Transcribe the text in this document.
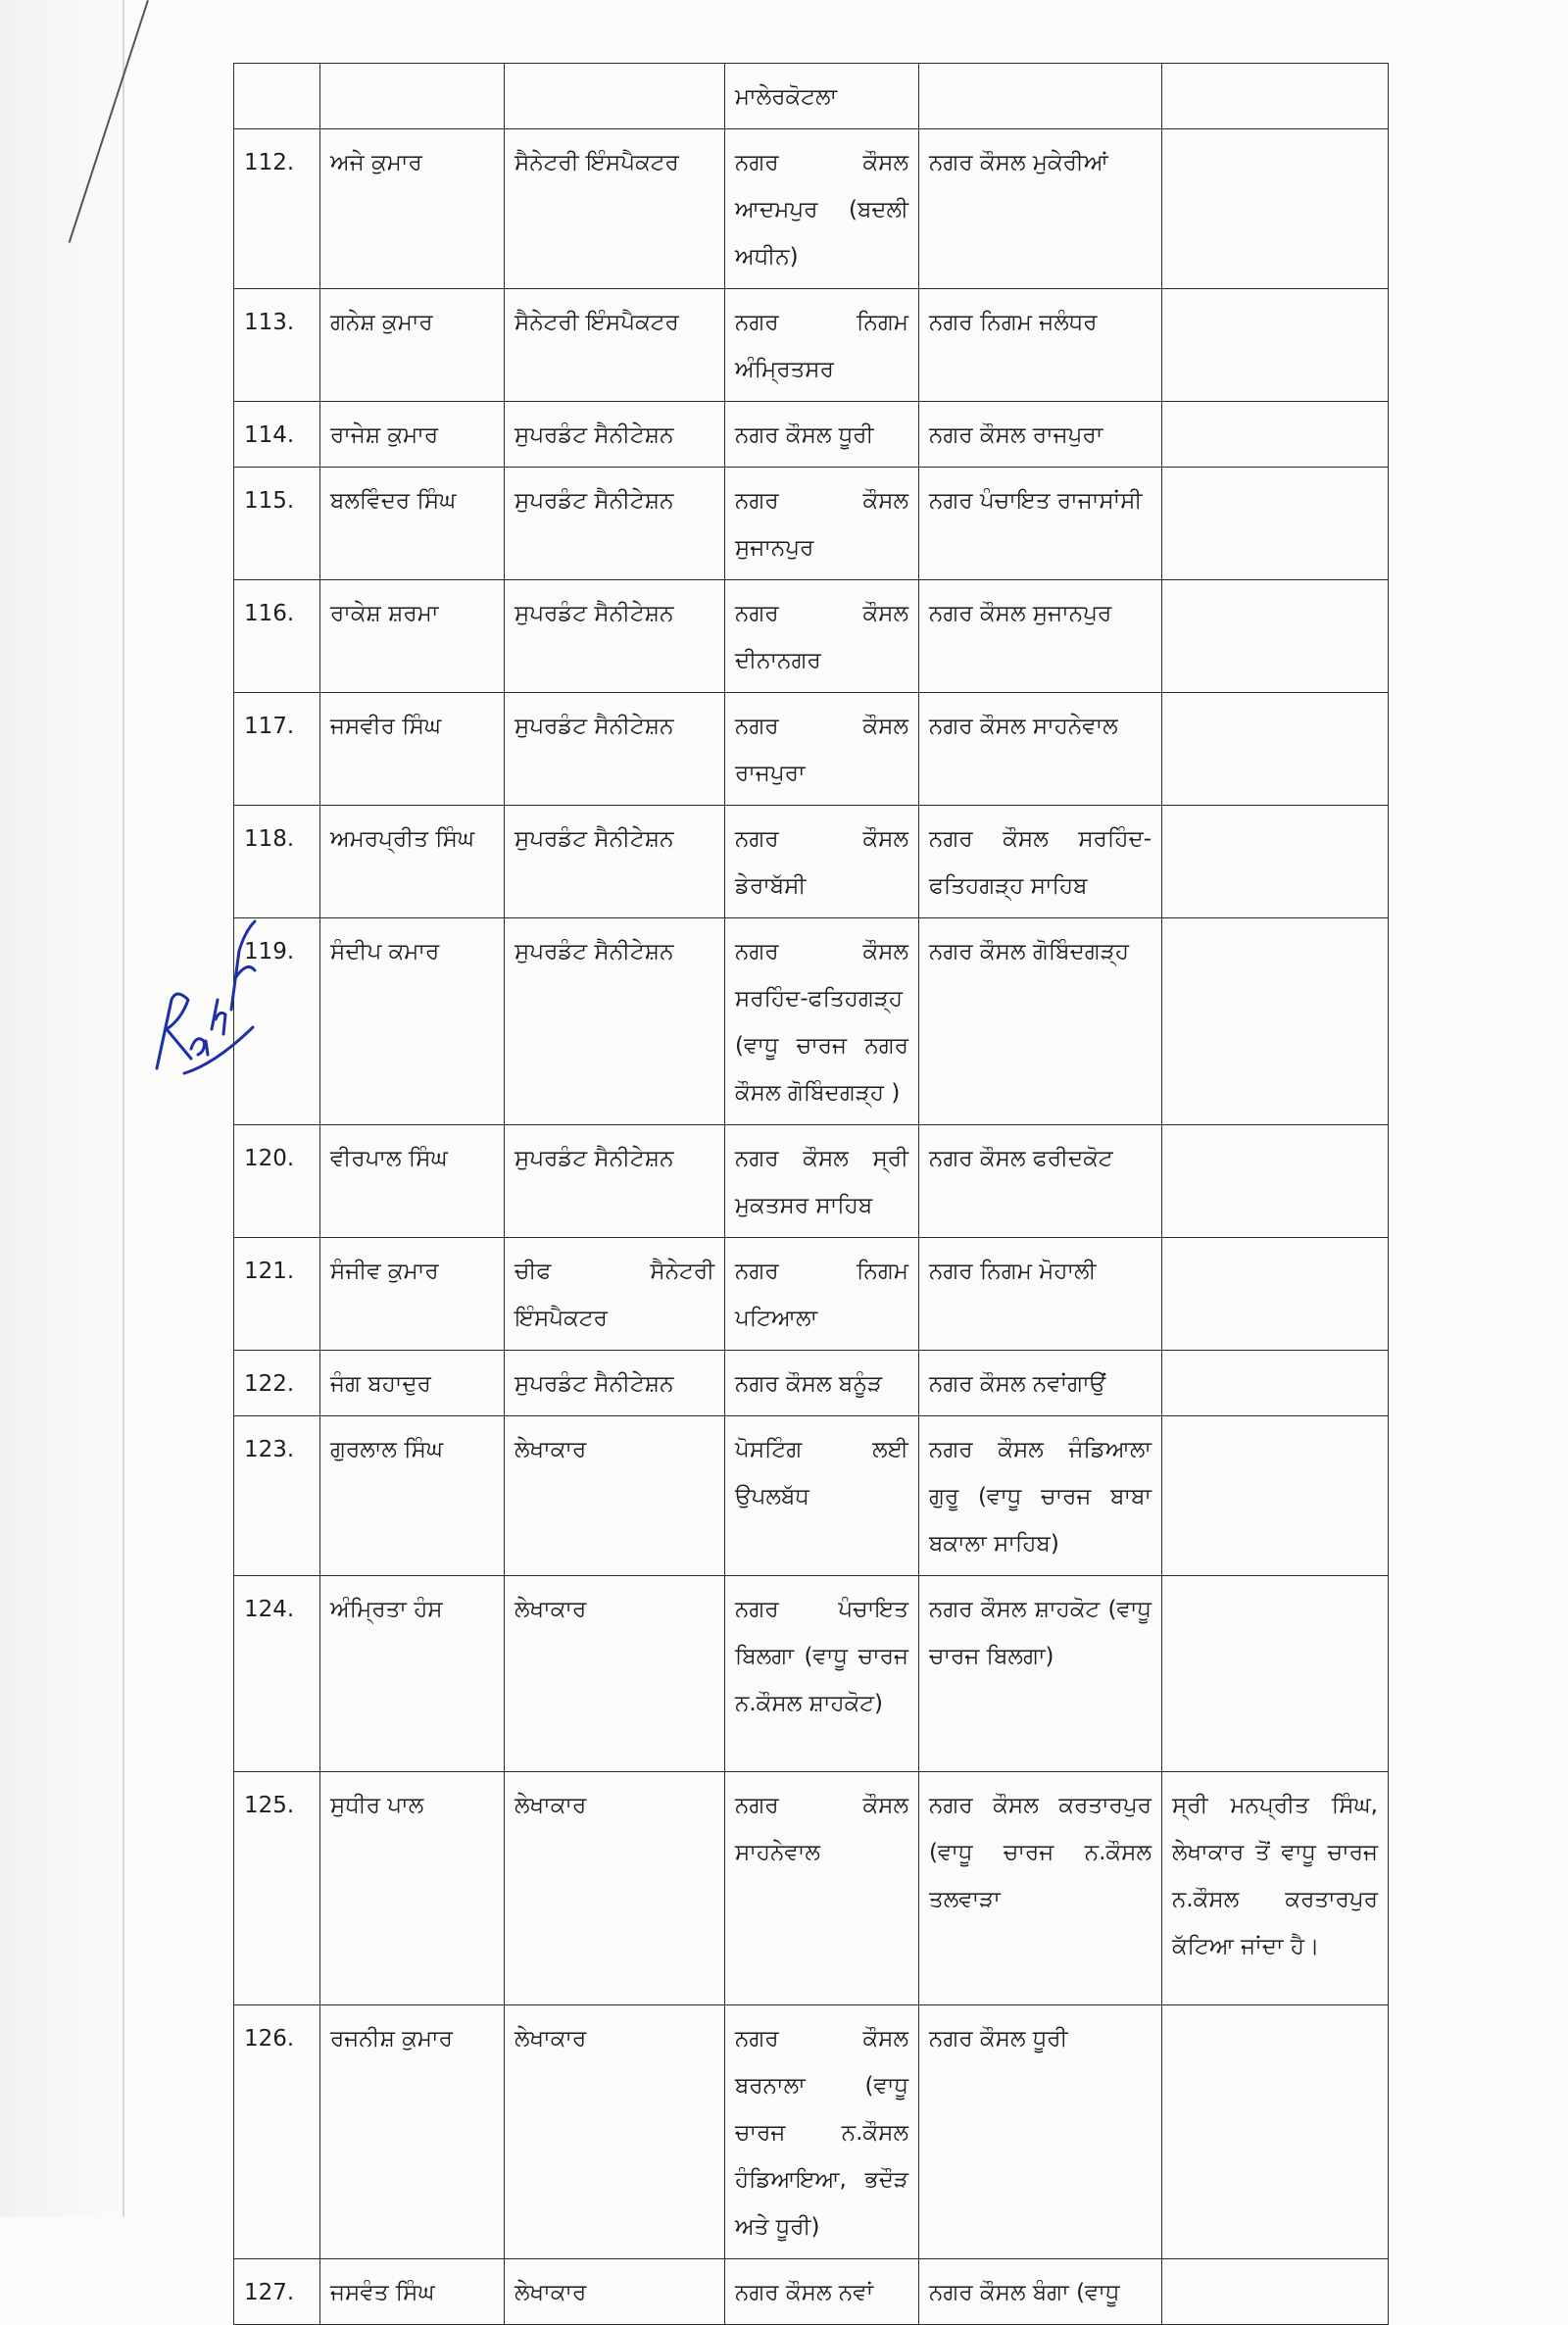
			ਮਾਲੇਰਕੋਟਲਾ		
112.	ਅਜੇ ਕੁਮਾਰ	ਸੈਨੇਟਰੀ ਇੰਸਪੈਕਟਰ	ਨਗਰ ਕੌਸਲ ਆਦਮਪੁਰ (ਬਦਲੀ ਅਧੀਨ)	ਨਗਰ ਕੌਸਲ ਮੁਕੇਰੀਆਂ	
113.	ਗਨੇਸ਼ ਕੁਮਾਰ	ਸੈਨੇਟਰੀ ਇੰਸਪੈਕਟਰ	ਨਗਰ ਨਿਗਮ ਅੰਮ੍ਰਿਤਸਰ	ਨਗਰ ਨਿਗਮ ਜਲੰਧਰ	
114.	ਰਾਜੇਸ਼ ਕੁਮਾਰ	ਸੁਪਰਡੰਟ ਸੈਨੀਟੇਸ਼ਨ	ਨਗਰ ਕੌਸਲ ਧੂਰੀ	ਨਗਰ ਕੌਸਲ ਰਾਜਪੁਰਾ	
115.	ਬਲਵਿੰਦਰ ਸਿੰਘ	ਸੁਪਰਡੰਟ ਸੈਨੀਟੇਸ਼ਨ	ਨਗਰ ਕੌਸਲ ਸੁਜਾਨਪੁਰ	ਨਗਰ ਪੰਚਾਇਤ ਰਾਜਾਸਾਂਸੀ	
116.	ਰਾਕੇਸ਼ ਸ਼ਰਮਾ	ਸੁਪਰਡੰਟ ਸੈਨੀਟੇਸ਼ਨ	ਨਗਰ ਕੌਸਲ ਦੀਨਾਨਗਰ	ਨਗਰ ਕੌਸਲ ਸੁਜਾਨਪੁਰ	
117.	ਜਸਵੀਰ ਸਿੰਘ	ਸੁਪਰਡੰਟ ਸੈਨੀਟੇਸ਼ਨ	ਨਗਰ ਕੌਸਲ ਰਾਜਪੁਰਾ	ਨਗਰ ਕੌਸਲ ਸਾਹਨੇਵਾਲ	
118.	ਅਮਰਪ੍ਰੀਤ ਸਿੰਘ	ਸੁਪਰਡੰਟ ਸੈਨੀਟੇਸ਼ਨ	ਨਗਰ ਕੌਸਲ ਡੇਰਾਬੱਸੀ	ਨਗਰ ਕੌਸਲ ਸਰਹਿੰਦ-ਫਤਿਹਗੜ੍ਹ ਸਾਹਿਬ	
119.	ਸੰਦੀਪ ਕਮਾਰ	ਸੁਪਰਡੰਟ ਸੈਨੀਟੇਸ਼ਨ	ਨਗਰ ਕੌਸਲ ਸਰਹਿੰਦ-ਫਤਿਹਗੜ੍ਹ (ਵਾਧੂ ਚਾਰਜ ਨਗਰ ਕੌਸਲ ਗੋਬਿੰਦਗੜ੍ਹ )	ਨਗਰ ਕੌਸਲ ਗੋਬਿੰਦਗੜ੍ਹ	
120.	ਵੀਰਪਾਲ ਸਿੰਘ	ਸੁਪਰਡੰਟ ਸੈਨੀਟੇਸ਼ਨ	ਨਗਰ ਕੌਸਲ ਸ੍ਰੀ ਮੁਕਤਸਰ ਸਾਹਿਬ	ਨਗਰ ਕੌਸਲ ਫਰੀਦਕੋਟ	
121.	ਸੰਜੀਵ ਕੁਮਾਰ	ਚੀਫ ਸੈਨੇਟਰੀ ਇੰਸਪੈਕਟਰ	ਨਗਰ ਨਿਗਮ ਪਟਿਆਲਾ	ਨਗਰ ਨਿਗਮ ਮੋਹਾਲੀ	
122.	ਜੰਗ ਬਹਾਦੁਰ	ਸੁਪਰਡੰਟ ਸੈਨੀਟੇਸ਼ਨ	ਨਗਰ ਕੌਸਲ ਬਨੂੰੜ	ਨਗਰ ਕੌਸਲ ਨਵਾਂਗਾਉਂ	
123.	ਗੁਰਲਾਲ ਸਿੰਘ	ਲੇਖਾਕਾਰ	ਪੋਸਟਿੰਗ ਲਈ ਉਪਲਬੱਧ	ਨਗਰ ਕੌਸਲ ਜੰਡਿਆਲਾ ਗੁਰੂ (ਵਾਧੂ ਚਾਰਜ ਬਾਬਾ ਬਕਾਲਾ ਸਾਹਿਬ)	
124.	ਅੰਮ੍ਰਿਤਾ ਹੰਸ	ਲੇਖਾਕਾਰ	ਨਗਰ ਪੰਚਾਇਤ ਬਿਲਗਾ (ਵਾਧੂ ਚਾਰਜ ਨ.ਕੌਸਲ ਸ਼ਾਹਕੋਟ)	ਨਗਰ ਕੌਸਲ ਸ਼ਾਹਕੋਟ (ਵਾਧੂ ਚਾਰਜ ਬਿਲਗਾ)	
125.	ਸੁਧੀਰ ਪਾਲ	ਲੇਖਾਕਾਰ	ਨਗਰ ਕੌਸਲ ਸਾਹਨੇਵਾਲ	ਨਗਰ ਕੌਸਲ ਕਰਤਾਰਪੁਰ (ਵਾਧੂ ਚਾਰਜ ਨ.ਕੌਸਲ ਤਲਵਾੜਾ	ਸ੍ਰੀ ਮਨਪ੍ਰੀਤ ਸਿੰਘ, ਲੇਖਾਕਾਰ ਤੋਂ ਵਾਧੂ ਚਾਰਜ ਨ.ਕੌਸਲ ਕਰਤਾਰਪੁਰ ਕੱਟਿਆ ਜਾਂਦਾ ਹੈ।
126.	ਰਜਨੀਸ਼ ਕੁਮਾਰ	ਲੇਖਾਕਾਰ	ਨਗਰ ਕੌਸਲ ਬਰਨਾਲਾ (ਵਾਧੂ ਚਾਰਜ ਨ.ਕੌਸਲ ਹੰਡਿਆਇਆ, ਭਦੌੜ ਅਤੇ ਧੂਰੀ)	ਨਗਰ ਕੌਸਲ ਧੂਰੀ	
127.	ਜਸਵੰਤ ਸਿੰਘ	ਲੇਖਾਕਾਰ	ਨਗਰ ਕੌਸਲ ਨਵਾਂ	ਨਗਰ ਕੌਸਲ ਬੰਗਾ (ਵਾਧੂ	
